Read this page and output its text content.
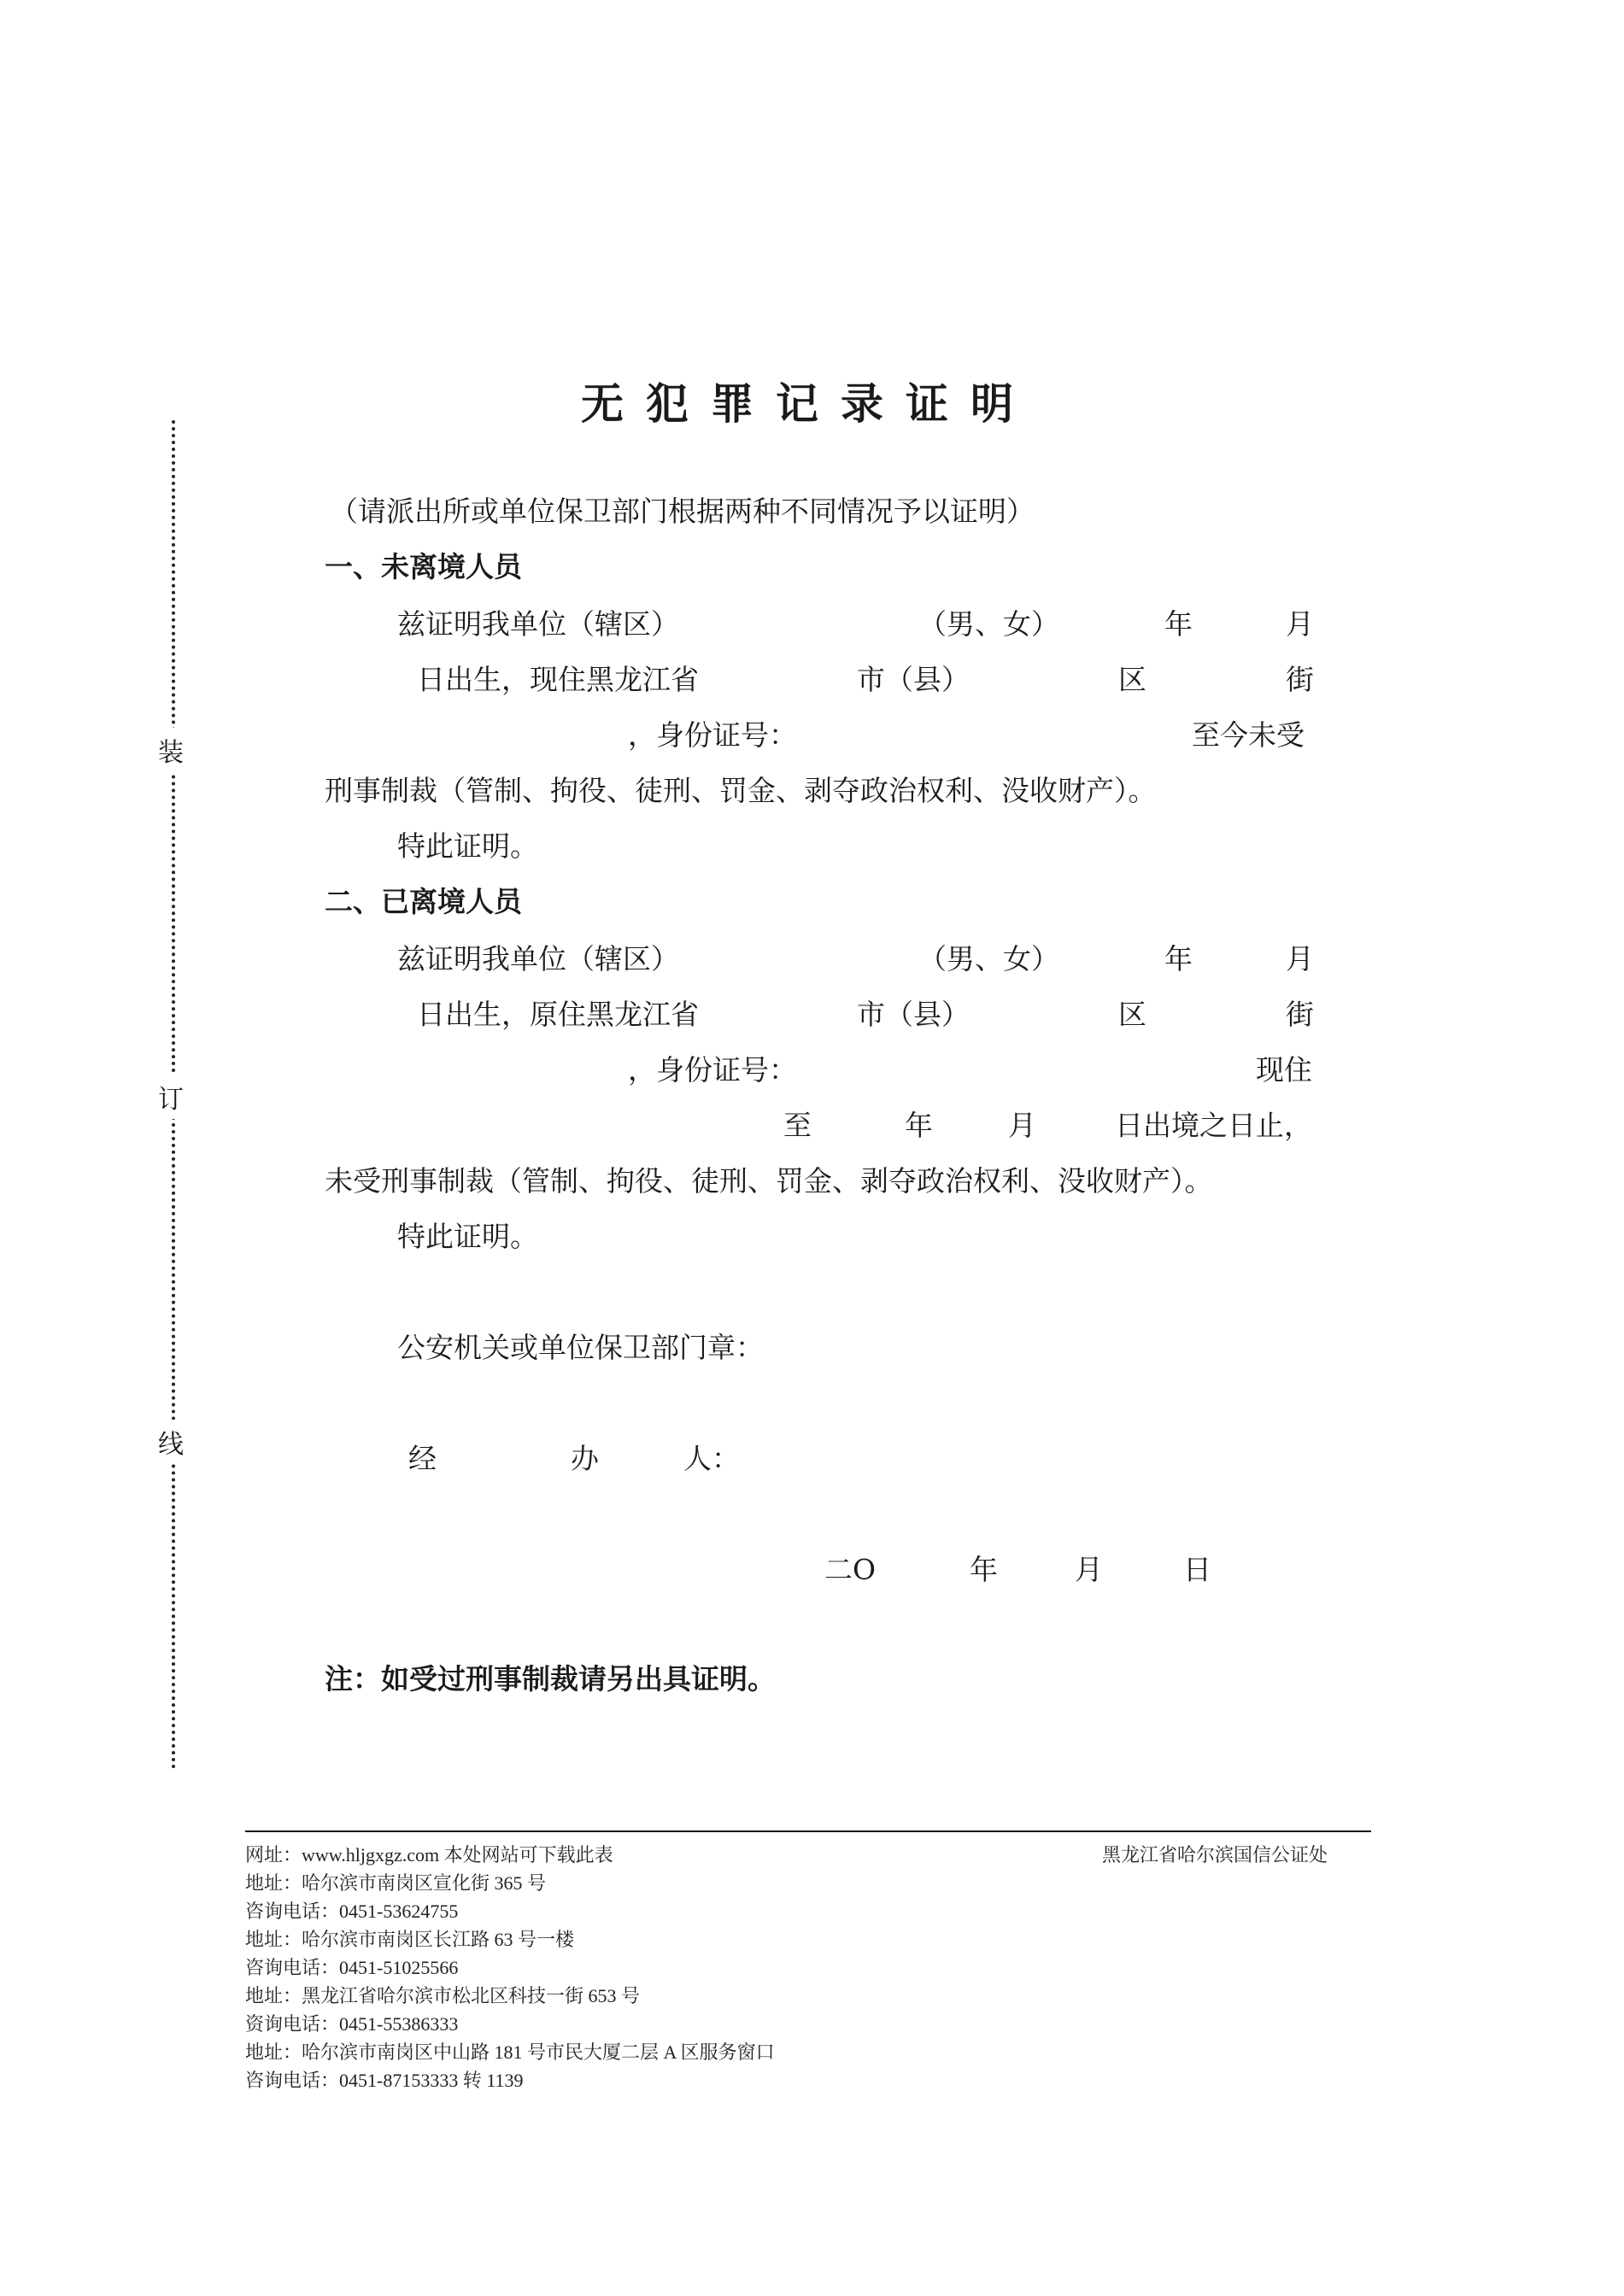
装
订
线
无犯罪记录证明
（请派出所或单位保卫部门根据两种不同情况予以证明）
一、未离境人员
兹证明我单位（辖区）	（男、女）	年	月
日出生，现住黑龙江省	市（县）	区	街
，身份证号：	至今未受
刑事制裁（管制、拘役、徒刑、罚金、剥夺政治权利、没收财产）。
特此证明。
二、已离境人员
兹证明我单位（辖区）	（男、女）	年	月
日出生，原住黑龙江省	市（县）	区	街
，身份证号：	现住
至	年	月	日出境之日止，
未受刑事制裁（管制、拘役、徒刑、罚金、剥夺政治权利、没收财产）。
特此证明。
公安机关或单位保卫部门章：
经	办	人：
二O	年	月	日
注：如受过刑事制裁请另出具证明。
黑龙江省哈尔滨国信公证处
网址：www.hljgxgz.com 本处网站可下载此表
地址：哈尔滨市南岗区宣化街 365 号
咨询电话：0451-53624755
地址：哈尔滨市南岗区长江路 63 号一楼
咨询电话：0451-51025566
地址：黑龙江省哈尔滨市松北区科技一街 653 号
资询电话：0451-55386333
地址：哈尔滨市南岗区中山路 181 号市民大厦二层 A 区服务窗口
咨询电话：0451-87153333 转 1139
